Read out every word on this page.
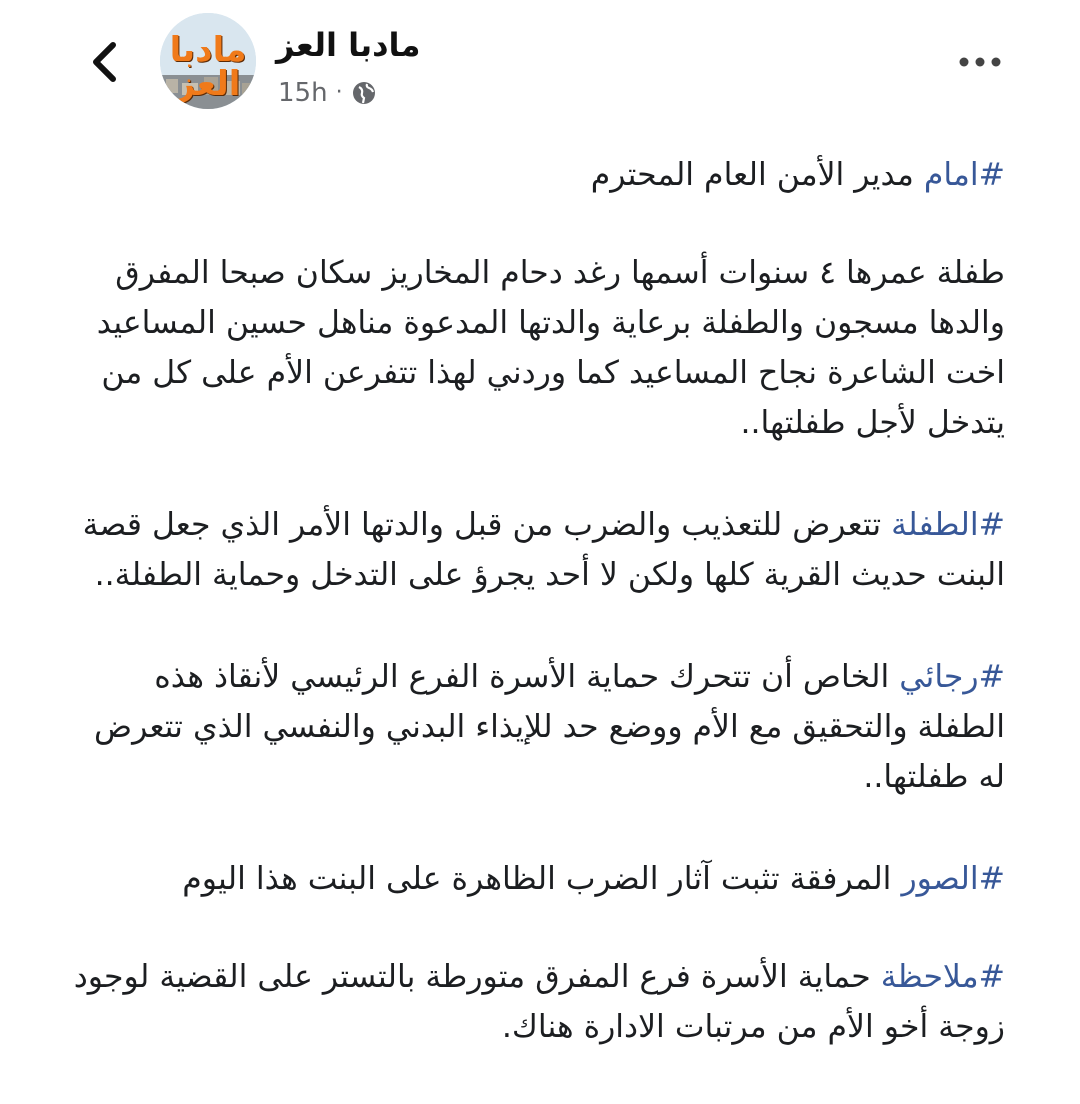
مادبا العز
مادبا العز
15h ·

#امام مدير الأمن العام المحترم

طفلة عمرها ٤ سنوات أسمها رغد دحام المخاريز سكان صبحا المفرق والدها مسجون والطفلة برعاية والدتها المدعوة مناهل حسين المساعيد اخت الشاعرة نجاح المساعيد كما وردني لهذا تتفرعن الأم على كل من يتدخل لأجل طفلتها..

#الطفلة تتعرض للتعذيب والضرب من قبل والدتها الأمر الذي جعل قصة البنت حديث القرية كلها ولكن لا أحد يجرؤ على التدخل وحماية الطفلة..

#رجائي الخاص أن تتحرك حماية الأسرة الفرع الرئيسي لأنقاذ هذه الطفلة والتحقيق مع الأم ووضع حد للإيذاء البدني والنفسي الذي تتعرض له طفلتها..

#الصور المرفقة تثبت آثار الضرب الظاهرة على البنت هذا اليوم

#ملاحظة حماية الأسرة فرع المفرق متورطة بالتستر على القضية لوجود زوجة أخو الأم من مرتبات الادارة هناك.
